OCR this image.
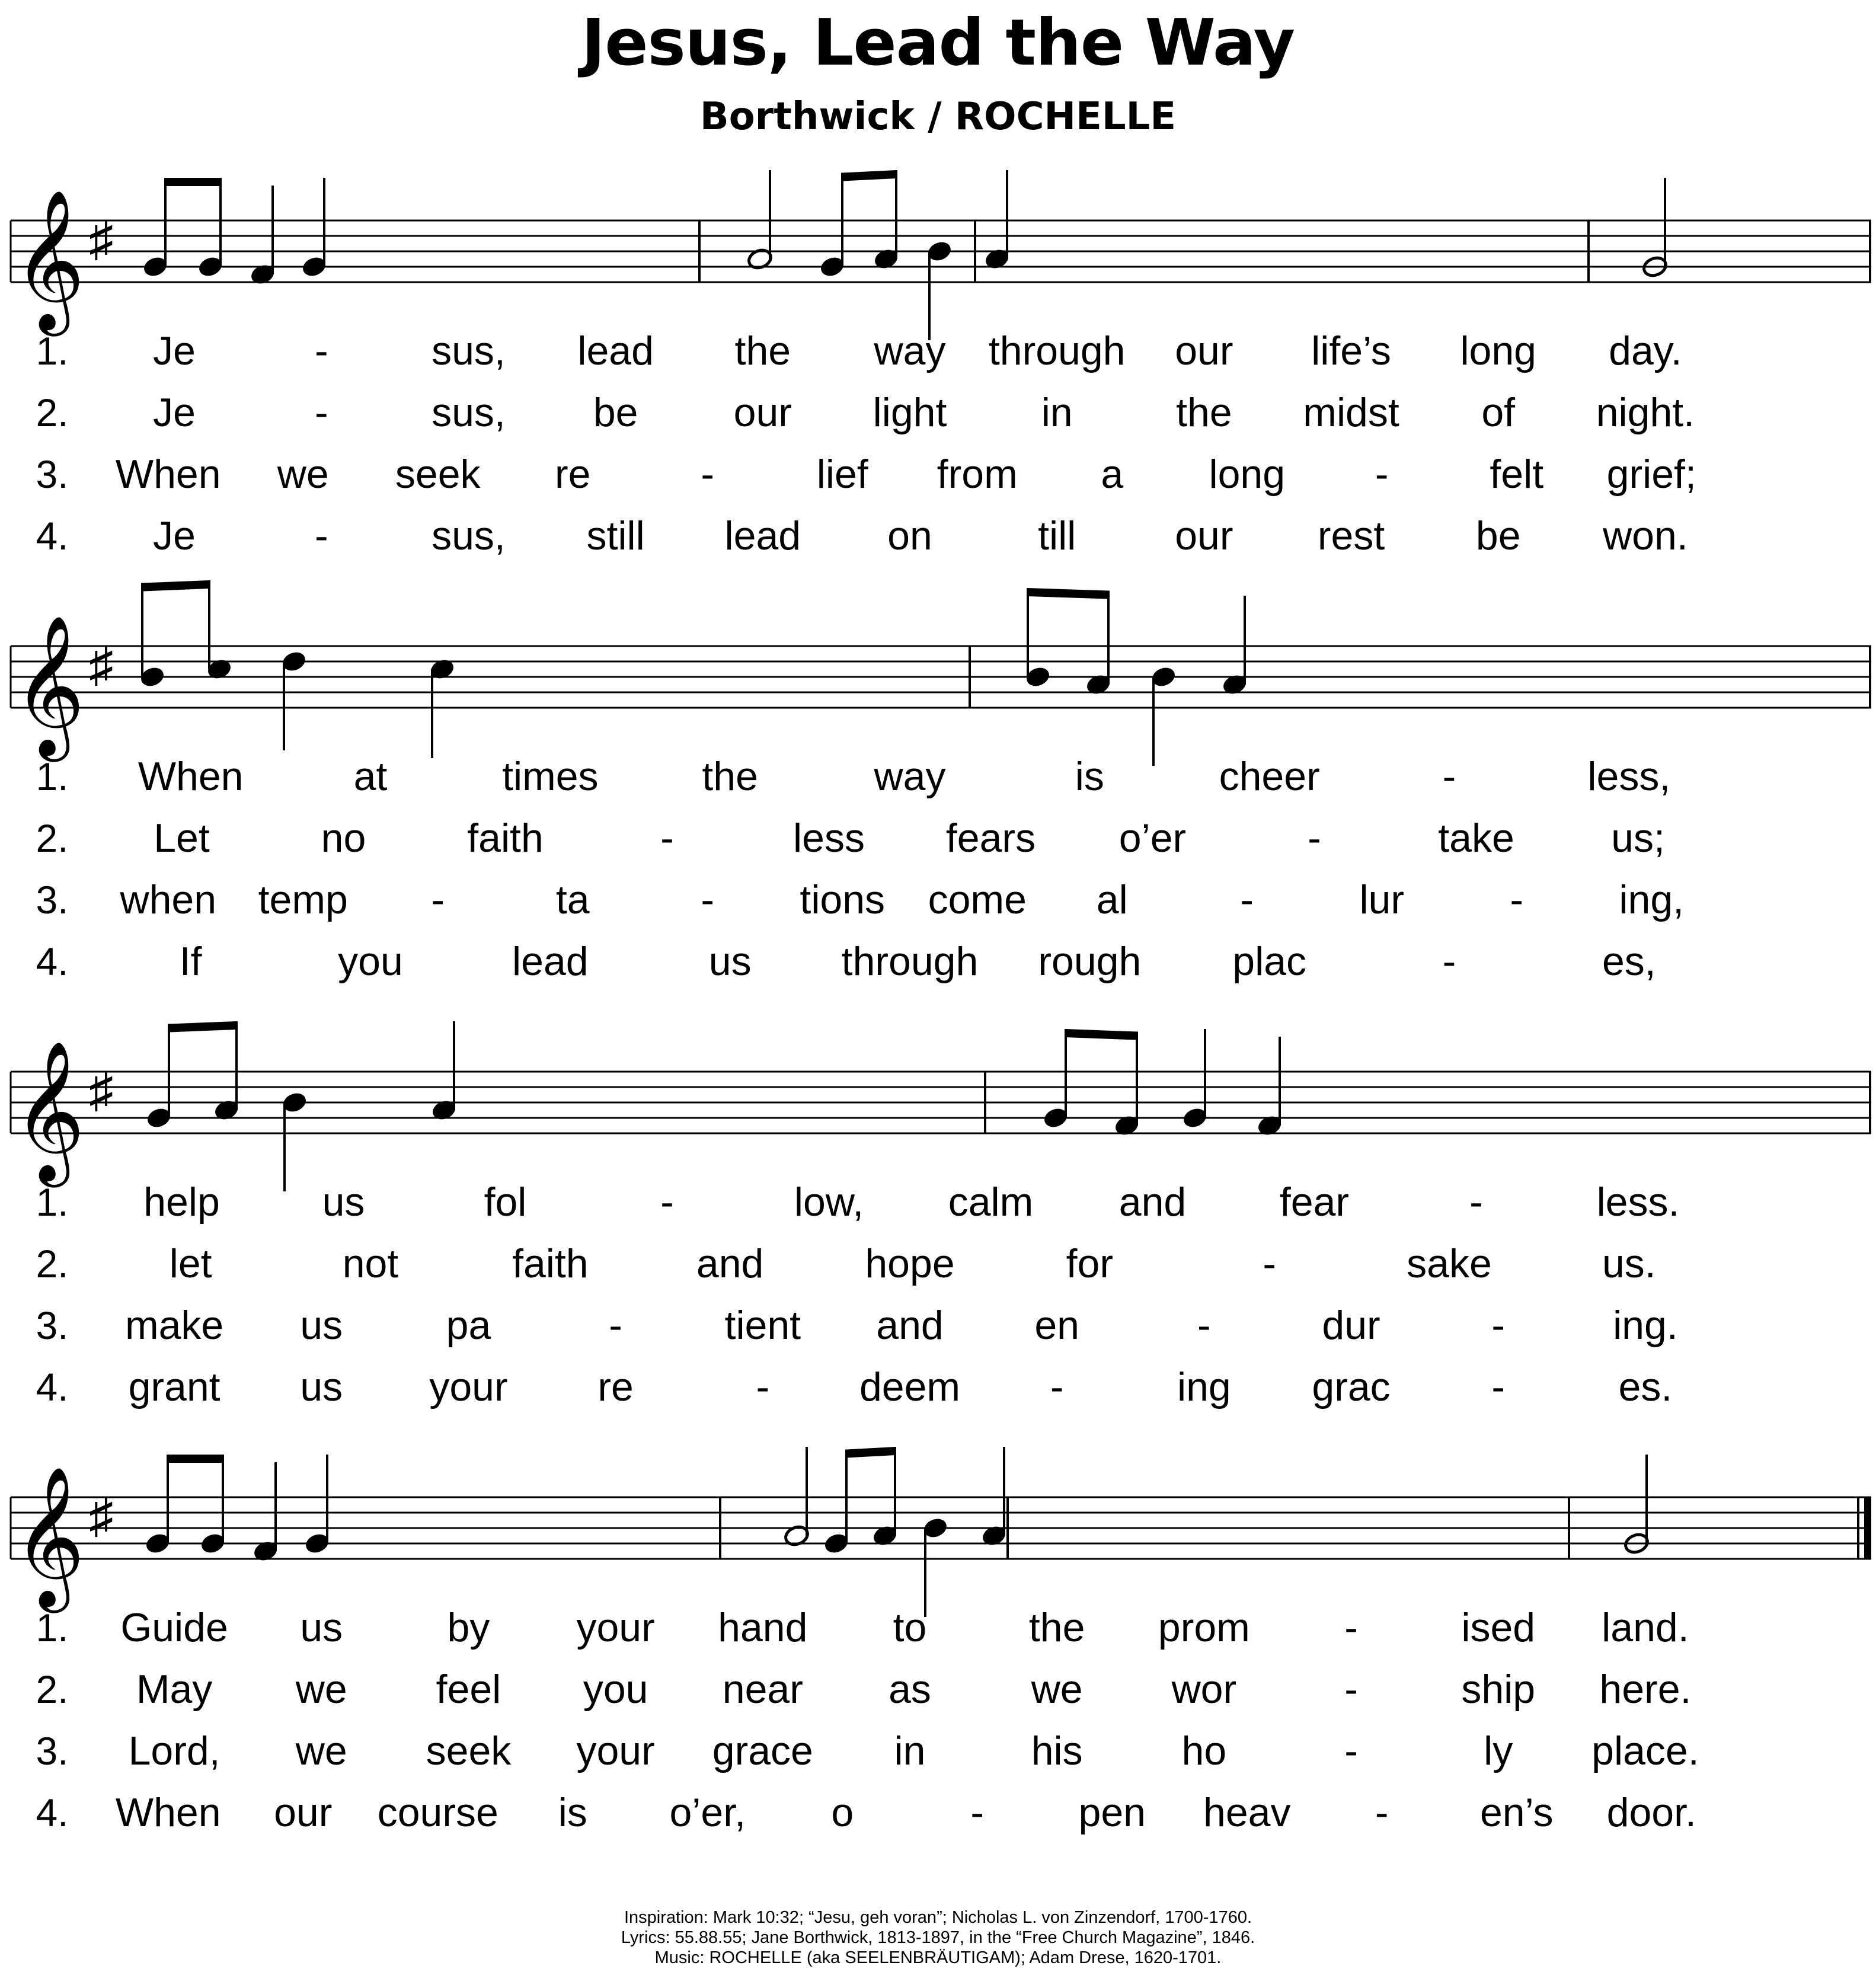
Jesus, Lead the Way
Borthwick / ROCHELLE
𝄞 ♯
1. Je	-	sus, lead the way through our life’s long day.
2. Je	-	sus, be our light in	the midst of night.
3. When we seek re	-	lief from a long -	felt grief;
4. Je	-	sus, still lead on	till our rest be won.
𝄞 ♯
1. When	at	times	the	way	is	cheer	-	less,
2. Let	no	faith	-	less fears o’er	-	take us;
3. when temp -	ta	- tions come al	-	lur	- ing,
4.	If	you	lead	us through rough plac	-	es,
𝄞 ♯
1. help	us	fol	-	low, calm and fear	-	less.
2.	let	not	faith	and	hope	for	-	sake	us.
3. make us	pa	-	tient and en	-	dur	-	ing.
4. grant us your re	- deem -	ing grac	-	es.
𝄞 ♯
1. Guide us	by your hand to	the prom -	ised land.
2. May we feel you near as we wor	-	ship here.
3. Lord, we seek your grace in	his ho	-	ly place.
4. When our course is o’er, o	- pen heav - en’s door.
Inspiration: Mark 10:32; “Jesu, geh voran”; Nicholas L. von Zinzendorf, 1700-1760.
Lyrics: 55.88.55; Jane Borthwick, 1813-1897, in the “Free Church Magazine”, 1846.
Music: ROCHELLE (aka SEELENBRÄUTIGAM); Adam Drese, 1620-1701.
